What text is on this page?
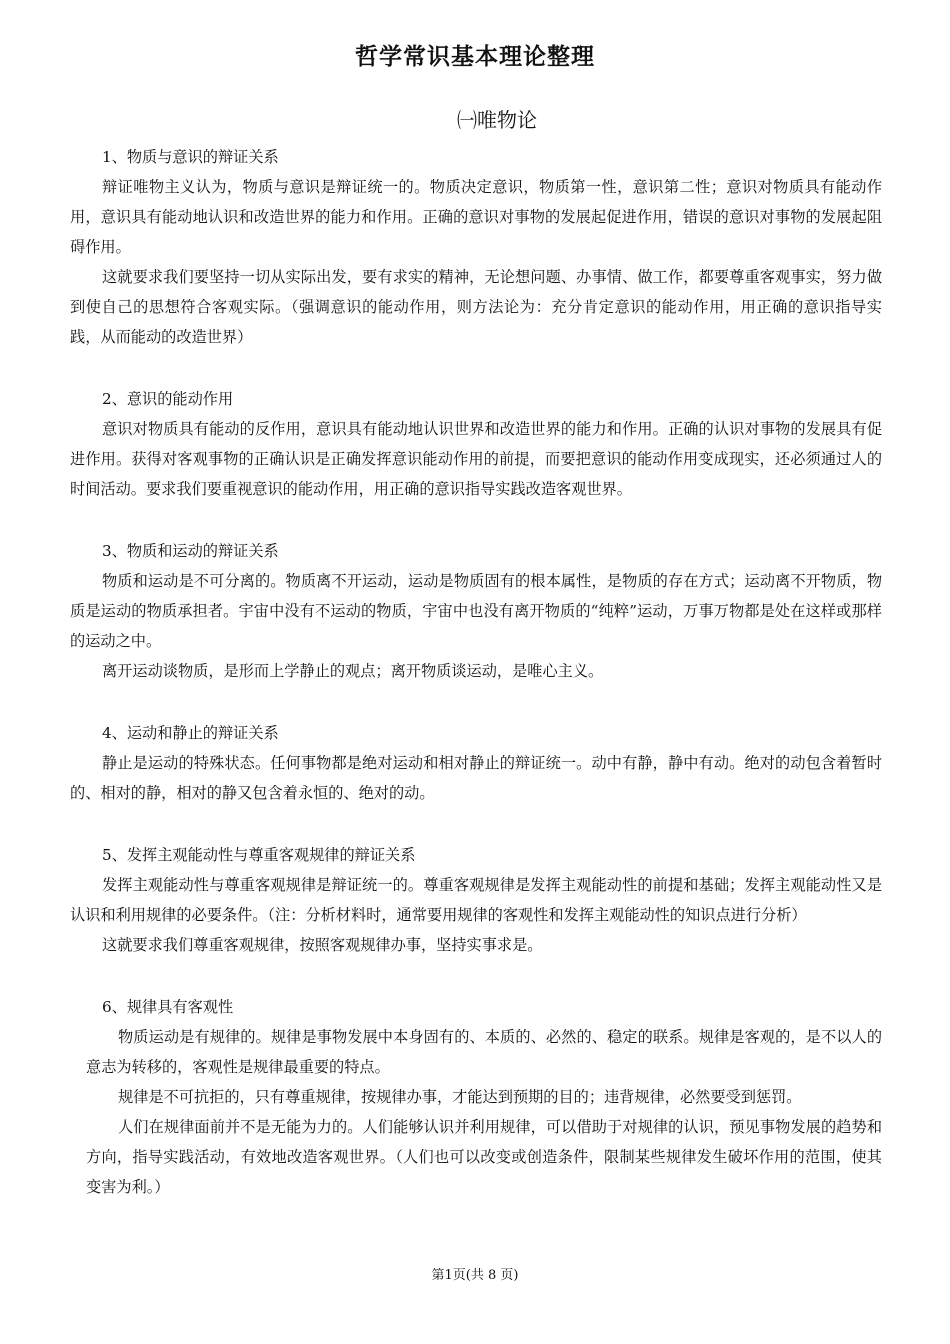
哲学常识基本理论整理
㈠唯物论

1、物质与意识的辩证关系

辩证唯物主义认为，物质与意识是辩证统一的。物质决定意识，物质第一性，意识第二性；意识对物质具有能动作用，意识具有能动地认识和改造世界的能力和作用。正确的意识对事物的发展起促进作用，错误的意识对事物的发展起阻碍作用。

这就要求我们要坚持一切从实际出发，要有求实的精神，无论想问题、办事情、做工作，都要尊重客观事实，努力做到使自己的思想符合客观实际。（强调意识的能动作用，则方法论为：充分肯定意识的能动作用，用正确的意识指导实践，从而能动的改造世界）

2、意识的能动作用

意识对物质具有能动的反作用，意识具有能动地认识世界和改造世界的能力和作用。正确的认识对事物的发展具有促进作用。获得对客观事物的正确认识是正确发挥意识能动作用的前提，而要把意识的能动作用变成现实，还必须通过人的时间活动。要求我们要重视意识的能动作用，用正确的意识指导实践改造客观世界。

3、物质和运动的辩证关系

物质和运动是不可分离的。物质离不开运动，运动是物质固有的根本属性，是物质的存在方式；运动离不开物质，物质是运动的物质承担者。宇宙中没有不运动的物质，宇宙中也没有离开物质的“纯粹”运动，万事万物都是处在这样或那样的运动之中。

离开运动谈物质，是形而上学静止的观点；离开物质谈运动，是唯心主义。

4、运动和静止的辩证关系

静止是运动的特殊状态。任何事物都是绝对运动和相对静止的辩证统一。动中有静，静中有动。绝对的动包含着暂时的、相对的静，相对的静又包含着永恒的、绝对的动。

5、发挥主观能动性与尊重客观规律的辩证关系

发挥主观能动性与尊重客观规律是辩证统一的。尊重客观规律是发挥主观能动性的前提和基础；发挥主观能动性又是认识和利用规律的必要条件。（注：分析材料时，通常要用规律的客观性和发挥主观能动性的知识点进行分析）

这就要求我们尊重客观规律，按照客观规律办事，坚持实事求是。

6、规律具有客观性

物质运动是有规律的。规律是事物发展中本身固有的、本质的、必然的、稳定的联系。规律是客观的，是不以人的意志为转移的，客观性是规律最重要的特点。

规律是不可抗拒的，只有尊重规律，按规律办事，才能达到预期的目的；违背规律，必然要受到惩罚。

人们在规律面前并不是无能为力的。人们能够认识并利用规律，可以借助于对规律的认识，预见事物发展的趋势和方向，指导实践活动，有效地改造客观世界。（人们也可以改变或创造条件，限制某些规律发生破坏作用的范围，使其变害为利。）

第1页(共 8 页)
